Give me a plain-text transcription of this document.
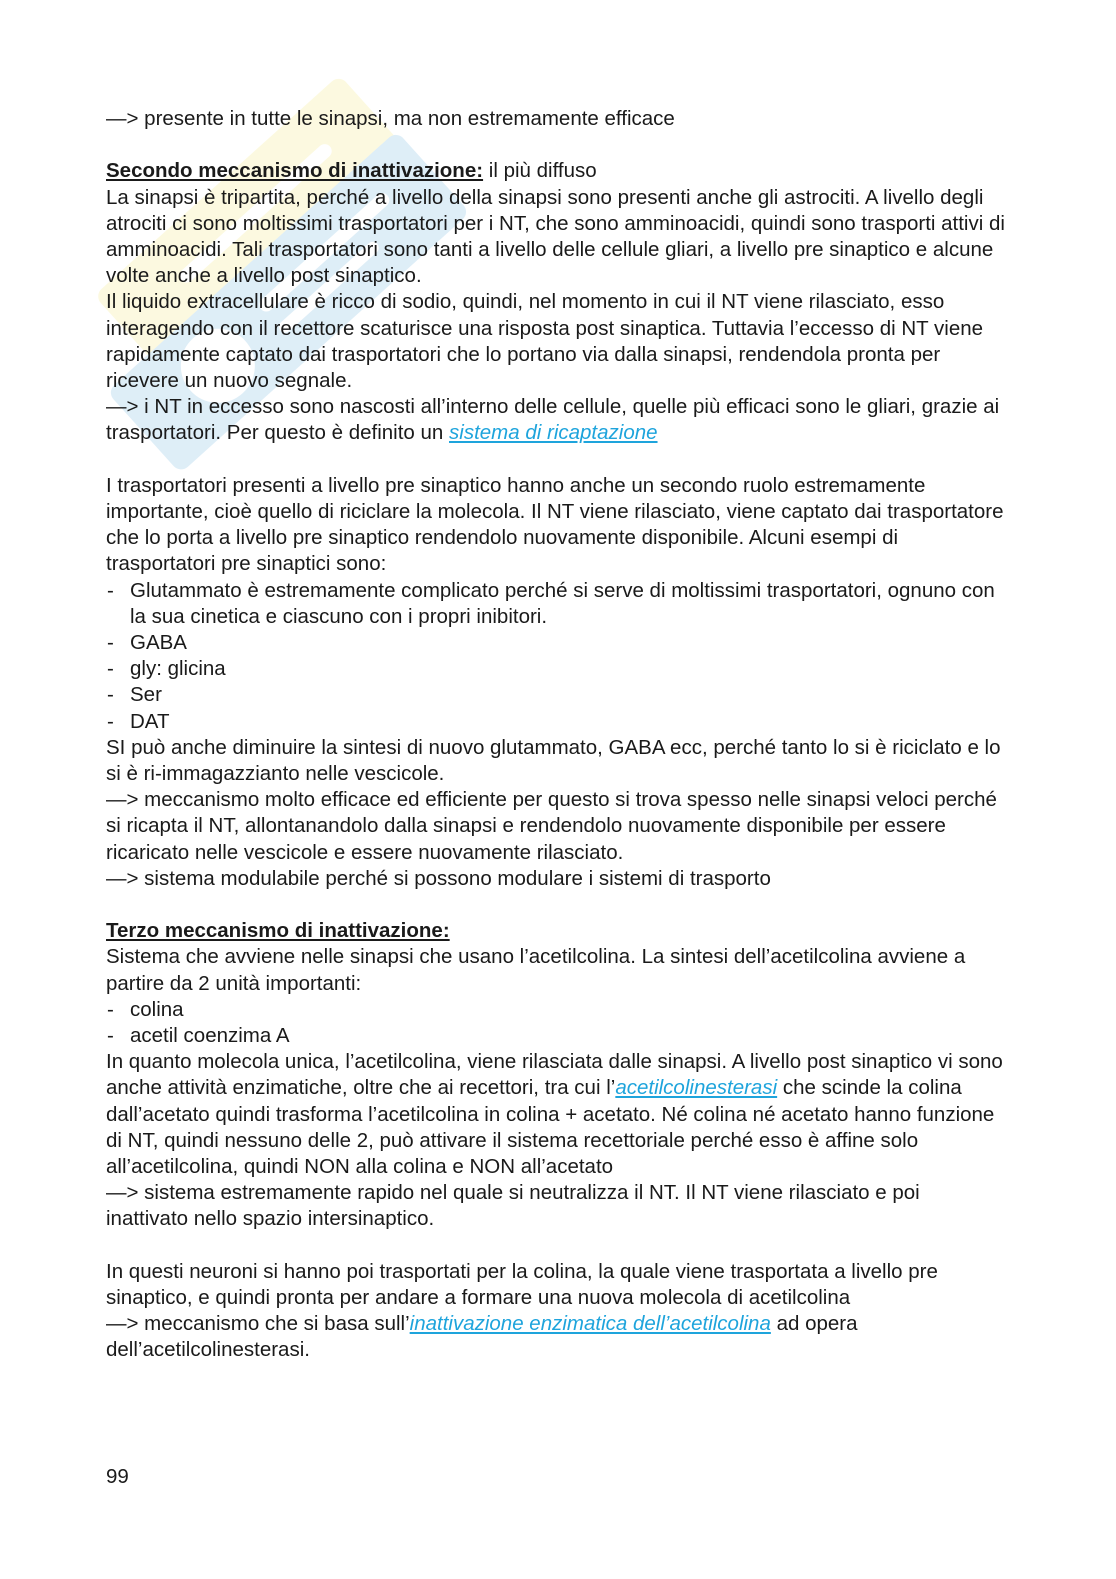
—> presente in tutte le sinapsi, ma non estremamente efficace

Secondo meccanismo di inattivazione: il più diffuso

La sinapsi è tripartita, perché a livello della sinapsi sono presenti anche gli astrociti. A livello degli atrociti ci sono moltissimi trasportatori per i NT, che sono amminoacidi, quindi sono trasporti attivi di amminoacidi. Tali trasportatori sono tanti a livello delle cellule gliari, a livello pre sinaptico e alcune volte anche a livello post sinaptico.

Il liquido extracellulare è ricco di sodio, quindi, nel momento in cui il NT viene rilasciato, esso interagendo con il recettore scaturisce una risposta post sinaptica. Tuttavia l’eccesso di NT viene rapidamente captato dai trasportatori che lo portano via dalla sinapsi, rendendola pronta per ricevere un nuovo segnale.

—> i NT in eccesso sono nascosti all’interno delle cellule, quelle più efficaci sono le gliari, grazie ai trasportatori. Per questo è definito un sistema di ricaptazione

I trasportatori presenti a livello pre sinaptico hanno anche un secondo ruolo estremamente importante, cioè quello di riciclare la molecola. Il NT viene rilasciato, viene captato dai trasportatore che lo porta a livello pre sinaptico rendendolo nuovamente disponibile. Alcuni esempi di trasportatori pre sinaptici sono:

- Glutammato è estremamente complicato perché si serve di moltissimi trasportatori, ognuno con la sua cinetica e ciascuno con i propri inibitori.
- GABA
- gly: glicina
- Ser
- DAT

SI può anche diminuire la sintesi di nuovo glutammato, GABA ecc, perché tanto lo si è riciclato e lo si è ri-immagazzianto nelle vescicole.

—> meccanismo molto efficace ed efficiente per questo si trova spesso nelle sinapsi veloci perché si ricapta il NT, allontanandolo dalla sinapsi e rendendolo nuovamente disponibile per essere ricaricato nelle vescicole e essere nuovamente rilasciato.

—> sistema modulabile perché si possono modulare i sistemi di trasporto

Terzo meccanismo di inattivazione:

Sistema che avviene nelle sinapsi che usano l’acetilcolina. La sintesi dell’acetilcolina avviene a partire da 2 unità importanti:

- colina
- acetil coenzima A

In quanto molecola unica, l’acetilcolina, viene rilasciata dalle sinapsi. A livello post sinaptico vi sono anche attività enzimatiche, oltre che ai recettori, tra cui l’acetilcolinesterasi che scinde la colina dall’acetato quindi trasforma l’acetilcolina in colina + acetato. Né colina né acetato hanno funzione di NT, quindi nessuno delle 2, può attivare il sistema recettoriale perché esso è affine solo all’acetilcolina, quindi NON alla colina e NON all’acetato

—> sistema estremamente rapido nel quale si neutralizza il NT. Il NT viene rilasciato e poi inattivato nello spazio intersinaptico.

In questi neuroni si hanno poi trasportati per la colina, la quale viene trasportata a livello pre sinaptico, e quindi pronta per andare a formare una nuova molecola di acetilcolina

—> meccanismo che si basa sull’inattivazione enzimatica dell’acetilcolina ad opera dell’acetilcolinesterasi.

99
